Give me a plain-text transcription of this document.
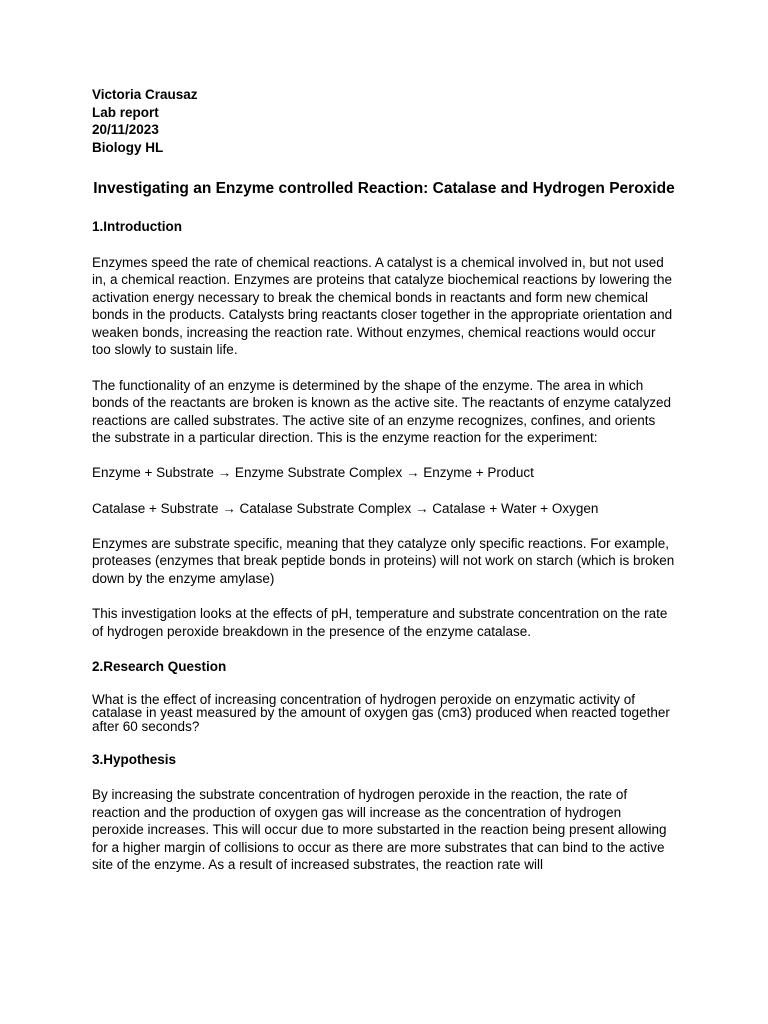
Victoria Crausaz
Lab report
20/11/2023
Biology HL
Investigating an Enzyme controlled Reaction: Catalase and Hydrogen Peroxide
1.Introduction

Enzymes speed the rate of chemical reactions. A catalyst is a chemical involved in, but not used in, a chemical reaction. Enzymes are proteins that catalyze biochemical reactions by lowering the activation energy necessary to break the chemical bonds in reactants and form new chemical bonds in the products. Catalysts bring reactants closer together in the appropriate orientation and weaken bonds, increasing the reaction rate. Without enzymes, chemical reactions would occur too slowly to sustain life.

The functionality of an enzyme is determined by the shape of the enzyme. The area in which bonds of the reactants are broken is known as the active site. The reactants of enzyme catalyzed reactions are called substrates. The active site of an enzyme recognizes, confines, and orients the substrate in a particular direction. This is the enzyme reaction for the experiment:

Enzyme + Substrate → Enzyme Substrate Complex → Enzyme + Product

Catalase + Substrate → Catalase Substrate Complex → Catalase + Water + Oxygen

Enzymes are substrate specific, meaning that they catalyze only specific reactions. For example, proteases (enzymes that break peptide bonds in proteins) will not work on starch (which is broken down by the enzyme amylase)

This investigation looks at the effects of pH, temperature and substrate concentration on the rate of hydrogen peroxide breakdown in the presence of the enzyme catalase.

2.Research Question

What is the effect of increasing concentration of hydrogen peroxide on enzymatic activity of catalase in yeast measured by the amount of oxygen gas (cm3) produced when reacted together after 60 seconds?

3.Hypothesis

By increasing the substrate concentration of hydrogen peroxide in the reaction, the rate of reaction and the production of oxygen gas will increase as the concentration of hydrogen peroxide increases. This will occur due to more substarted in the reaction being present allowing for a higher margin of collisions to occur as there are more substrates that can bind to the active site of the enzyme. As a result of increased substrates, the reaction rate will
